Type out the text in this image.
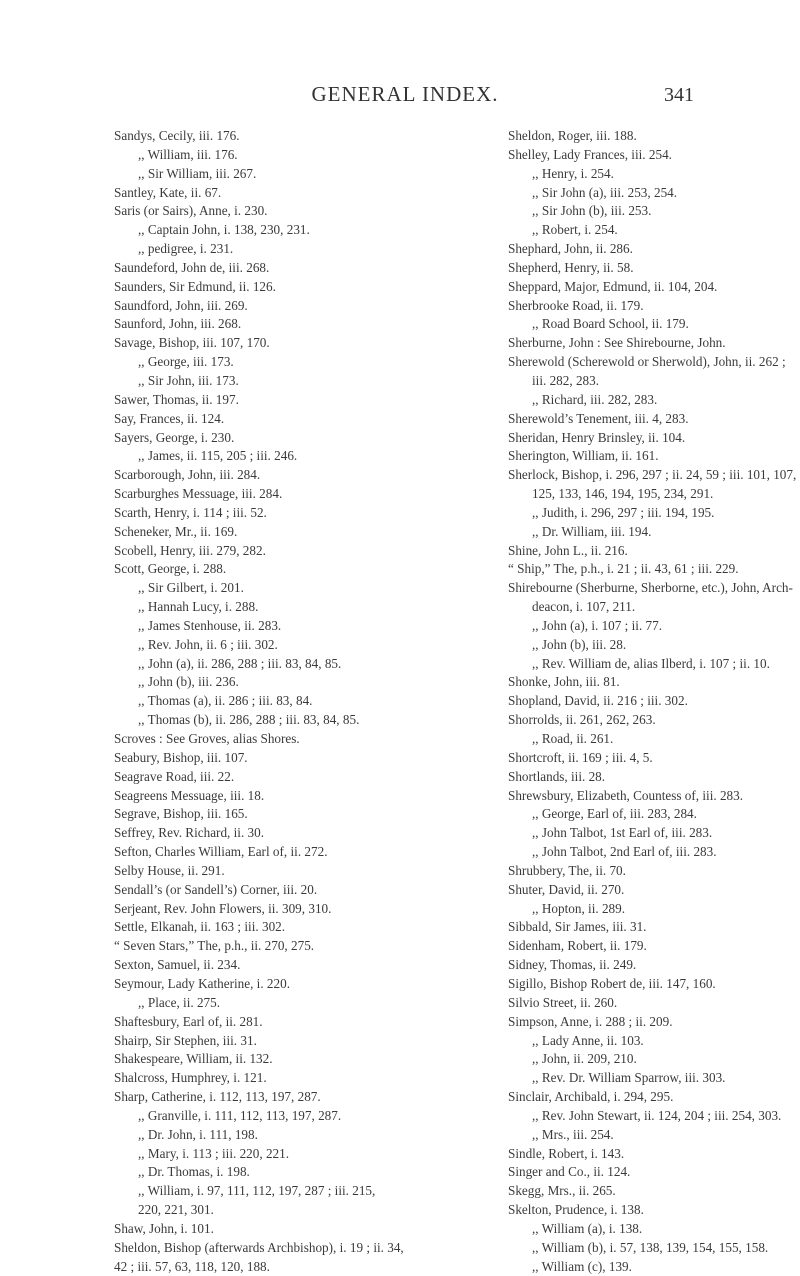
GENERAL INDEX.	341
Sandys, Cecily, iii. 176.
,, William, iii. 176.
,, Sir William, iii. 267.
Santley, Kate, ii. 67.
Saris (or Sairs), Anne, i. 230.
,, Captain John, i. 138, 230, 231.
,, pedigree, i. 231.
Saundeford, John de, iii. 268.
Saunders, Sir Edmund, ii. 126.
Saundford, John, iii. 269.
Saunford, John, iii. 268.
Savage, Bishop, iii. 107, 170.
,, George, iii. 173.
,, Sir John, iii. 173.
Sawer, Thomas, ii. 197.
Say, Frances, ii. 124.
Sayers, George, i. 230.
,, James, ii. 115, 205 ; iii. 246.
Scarborough, John, iii. 284.
Scarburghes Messuage, iii. 284.
Scarth, Henry, i. 114 ; iii. 52.
Scheneker, Mr., ii. 169.
Scobell, Henry, iii. 279, 282.
Scott, George, i. 288.
,, Sir Gilbert, i. 201.
,, Hannah Lucy, i. 288.
,, James Stenhouse, ii. 283.
,, Rev. John, ii. 6 ; iii. 302.
,, John (a), ii. 286, 288 ; iii. 83, 84, 85.
,, John (b), iii. 236.
,, Thomas (a), ii. 286 ; iii. 83, 84.
,, Thomas (b), ii. 286, 288 ; iii. 83, 84, 85.
Scroves : See Groves, alias Shores.
Seabury, Bishop, iii. 107.
Seagrave Road, iii. 22.
Seagreens Messuage, iii. 18.
Segrave, Bishop, iii. 165.
Seffrey, Rev. Richard, ii. 30.
Sefton, Charles William, Earl of, ii. 272.
Selby House, ii. 291.
Sendall’s (or Sandell’s) Corner, iii. 20.
Serjeant, Rev. John Flowers, ii. 309, 310.
Settle, Elkanah, ii. 163 ; iii. 302.
“ Seven Stars,” The, p.h., ii. 270, 275.
Sexton, Samuel, ii. 234.
Seymour, Lady Katherine, i. 220.
,, Place, ii. 275.
Shaftesbury, Earl of, ii. 281.
Shairp, Sir Stephen, iii. 31.
Shakespeare, William, ii. 132.
Shalcross, Humphrey, i. 121.
Sharp, Catherine, i. 112, 113, 197, 287.
,, Granville, i. 111, 112, 113, 197, 287.
,, Dr. John, i. 111, 198.
,, Mary, i. 113 ; iii. 220, 221.
,, Dr. Thomas, i. 198.
,, William, i. 97, 111, 112, 197, 287 ; iii. 215,
220, 221, 301.
Shaw, John, i. 101.
Sheldon, Bishop (afterwards Archbishop), i. 19 ; ii. 34,
42 ; iii. 57, 63, 118, 120, 188.
Sheldon, Roger, iii. 188.
Shelley, Lady Frances, iii. 254.
,, Henry, i. 254.
,, Sir John (a), iii. 253, 254.
,, Sir John (b), iii. 253.
,, Robert, i. 254.
Shephard, John, ii. 286.
Shepherd, Henry, ii. 58.
Sheppard, Major, Edmund, ii. 104, 204.
Sherbrooke Road, ii. 179.
,, Road Board School, ii. 179.
Sherburne, John : See Shirebourne, John.
Sherewold (Scherewold or Sherwold), John, ii. 262 ;
iii. 282, 283.
,, Richard, iii. 282, 283.
Sherewold’s Tenement, iii. 4, 283.
Sheridan, Henry Brinsley, ii. 104.
Sherington, William, ii. 161.
Sherlock, Bishop, i. 296, 297 ; ii. 24, 59 ; iii. 101, 107,
125, 133, 146, 194, 195, 234, 291.
,, Judith, i. 296, 297 ; iii. 194, 195.
,, Dr. William, iii. 194.
Shine, John L., ii. 216.
“ Ship,” The, p.h., i. 21 ; ii. 43, 61 ; iii. 229.
Shirebourne (Sherburne, Sherborne, etc.), John, Arch-
deacon, i. 107, 211.
,, John (a), i. 107 ; ii. 77.
,, John (b), iii. 28.
,, Rev. William de, alias Ilberd, i. 107 ; ii. 10.
Shonke, John, iii. 81.
Shopland, David, ii. 216 ; iii. 302.
Shorrolds, ii. 261, 262, 263.
,, Road, ii. 261.
Shortcroft, ii. 169 ; iii. 4, 5.
Shortlands, iii. 28.
Shrewsbury, Elizabeth, Countess of, iii. 283.
,, George, Earl of, iii. 283, 284.
,, John Talbot, 1st Earl of, iii. 283.
,, John Talbot, 2nd Earl of, iii. 283.
Shrubbery, The, ii. 70.
Shuter, David, ii. 270.
,, Hopton, ii. 289.
Sibbald, Sir James, iii. 31.
Sidenham, Robert, ii. 179.
Sidney, Thomas, ii. 249.
Sigillo, Bishop Robert de, iii. 147, 160.
Silvio Street, ii. 260.
Simpson, Anne, i. 288 ; ii. 209.
,, Lady Anne, ii. 103.
,, John, ii. 209, 210.
,, Rev. Dr. William Sparrow, iii. 303.
Sinclair, Archibald, i. 294, 295.
,, Rev. John Stewart, ii. 124, 204 ; iii. 254, 303.
,, Mrs., iii. 254.
Sindle, Robert, i. 143.
Singer and Co., ii. 124.
Skegg, Mrs., ii. 265.
Skelton, Prudence, i. 138.
,, William (a), i. 138.
,, William (b), i. 57, 138, 139, 154, 155, 158.
,, William (c), 139.
